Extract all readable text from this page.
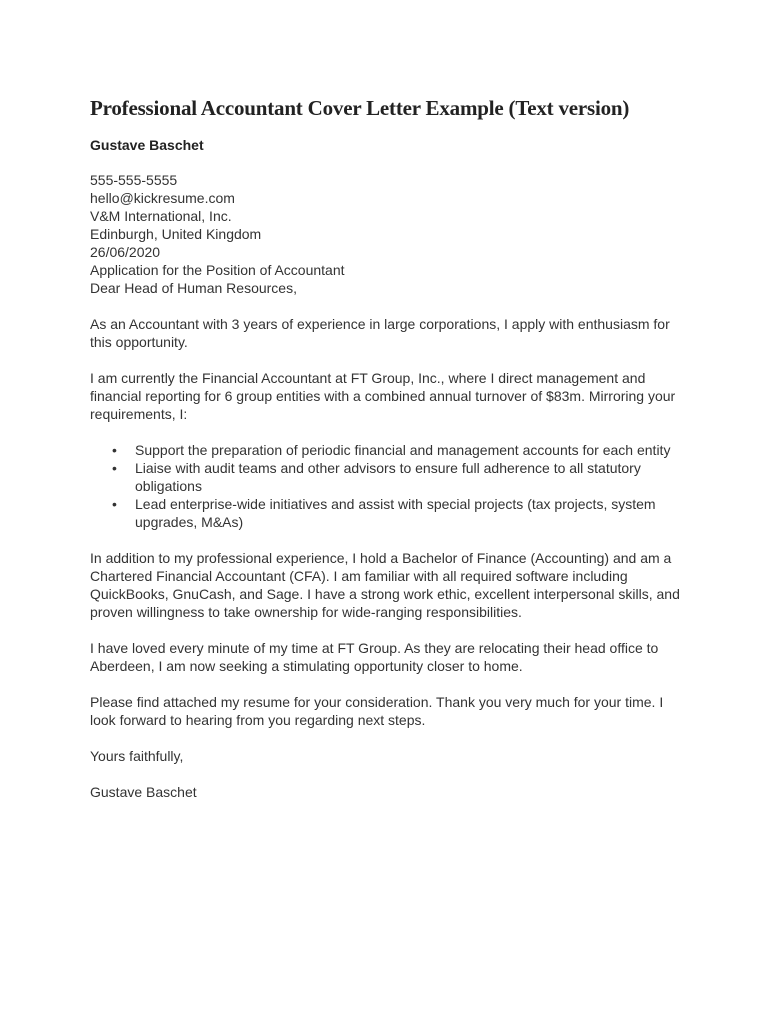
Professional Accountant Cover Letter Example (Text version)
Gustave Baschet
555-555-5555
hello@kickresume.com
V&M International, Inc.
Edinburgh, United Kingdom
26/06/2020
Application for the Position of Accountant
Dear Head of Human Resources,

As an Accountant with 3 years of experience in large corporations, I apply with enthusiasm for this opportunity.

I am currently the Financial Accountant at FT Group, Inc., where I direct management and financial reporting for 6 group entities with a combined annual turnover of $83m. Mirroring your requirements, I:

• Support the preparation of periodic financial and management accounts for each entity
• Liaise with audit teams and other advisors to ensure full adherence to all statutory obligations
• Lead enterprise-wide initiatives and assist with special projects (tax projects, system upgrades, M&As)

In addition to my professional experience, I hold a Bachelor of Finance (Accounting) and am a Chartered Financial Accountant (CFA). I am familiar with all required software including QuickBooks, GnuCash, and Sage. I have a strong work ethic, excellent interpersonal skills, and proven willingness to take ownership for wide-ranging responsibilities.

I have loved every minute of my time at FT Group. As they are relocating their head office to Aberdeen, I am now seeking a stimulating opportunity closer to home.

Please find attached my resume for your consideration. Thank you very much for your time. I look forward to hearing from you regarding next steps.

Yours faithfully,

Gustave Baschet
